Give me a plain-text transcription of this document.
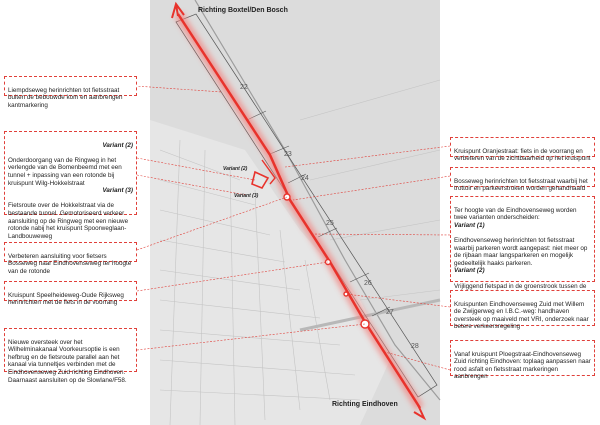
Richting Boxtel/Den Bosch
Richting Eindhoven
22
23
24
25
26
27
28
Variant (2)
Variant (3)

Liempdseweg herinrichten tot fietsstraat buiten de bebouwde kom en aanbrengen kantmarkering

Variant (2)

Onderdoorgang van de Ringweg in het verlengde van de Bomenbeemd met een tunnel + inpassing van een rotonde bij kruispunt Wilg-Hokkelstraat

Variant (3)

Fietsroute over de Hokkelstraat via de bestaande tunnel. Gemotoriseerd verkeer aansluiting op de Ringweg met een nieuwe rotonde nabij het kruispunt Spoorweglaan-Landbouweweg

Verbeteren aansluiting voor fietsers Bosseweg naar Eindhovenseweg ter hoogte van de rotonde

Kruispunt Speelheideweg-Oude Rijksweg herinrichten met de fiets in de voorrang

Nieuwe oversteek over het Wilhelminakanaal Voorkeursoptie is een hefbrug en de fietsroute parallel aan het kanaal via tunneltjes verbinden met de Eindhovenseweg Zuid richting Eindhoven. Daarnaast aansluiten op de Slowlane/F58.

Kruispunt Oranjestraat: fiets in de voorrang en verbeteren van de zichtbaarheid op het kruispunt

Bosseweg herinrichten tot fietsstraat waarbij het trottoir en parkeerstroken worden gehandhaafd

Ter hoogte van de Eindhovenseweg worden twee varianten onderscheiden:

Variant (1)

Eindhovenseweg herinrichten tot fietsstraat waarbij parkeren wordt aangepast: niet meer op de rijbaan maar langsparkeren en mogelijk gedeeltelijk haaks parkeren.

Variant (2)

Vrijliggend fietspad in de groenstrook tussen de

Kruispunten Eindhovenseweg Zuid met Willem de Zwijgerweg en I.B.C.-weg: handhaven oversteek op maaiveld met VRI, onderzoek naar betere verkeersregeling

Vanaf kruispunt Ploegstraat-Eindhovenseweg Zuid richting Eindhoven: toplaag aanpassen naar rood asfalt en fietsstraat markeringen aanbrengen
